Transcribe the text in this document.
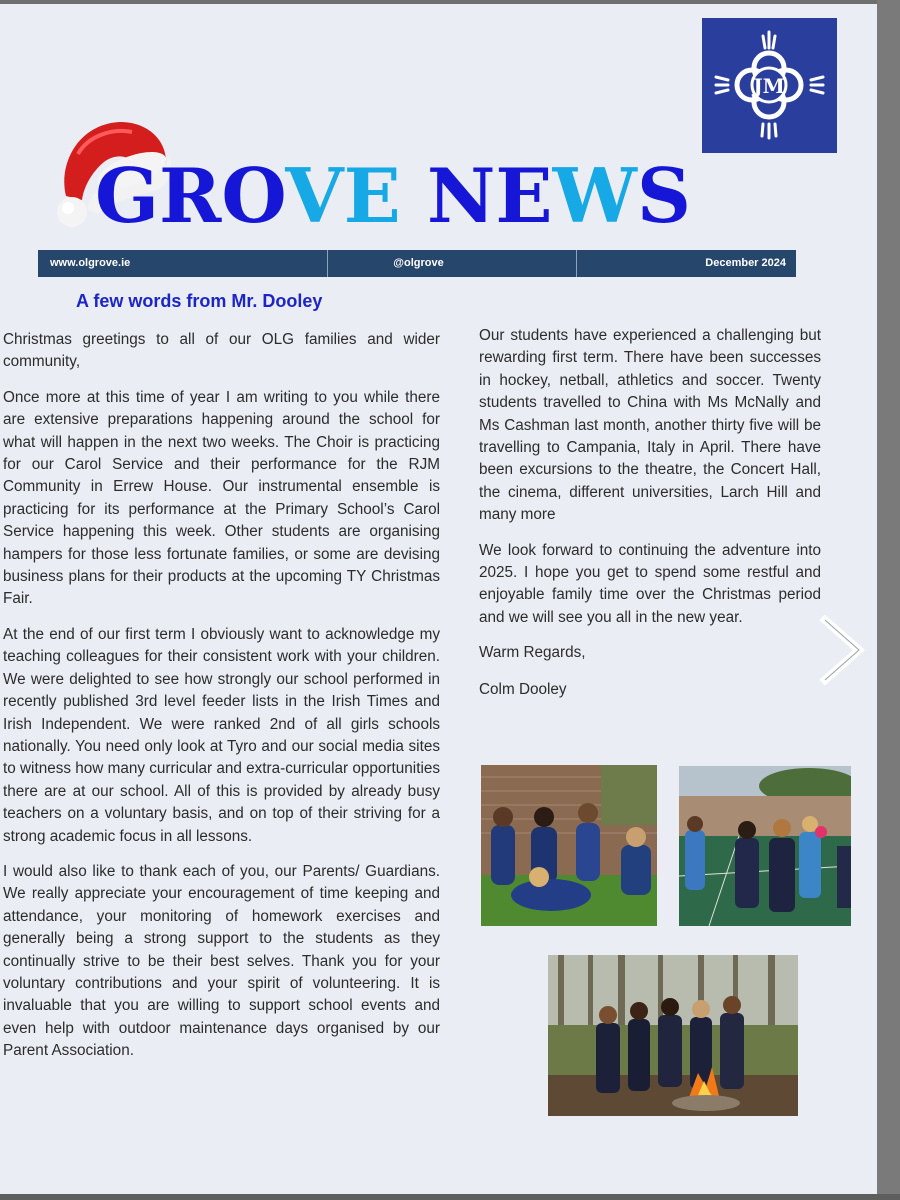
JM
GROVE NEWS
www.olgrove.ie	@olgrove	December 2024
A few words from Mr. Dooley

Christmas greetings to all of our OLG families and wider community,

Once more at this time of year I am writing to you while there are extensive preparations happening around the school for what will happen in the next two weeks. The Choir is practicing for our Carol Service and their performance for the RJM Community in Errew House. Our instrumental ensemble is practicing for its performance at the Primary School’s Carol Service happening this week. Other students are organising hampers for those less fortunate families, or some are devising business plans for their products at the upcoming TY Christmas Fair.

At the end of our first term I obviously want to acknowledge my teaching colleagues for their consistent work with your children. We were delighted to see how strongly our school performed in recently published 3rd level feeder lists in the Irish Times and Irish Independent. We were ranked 2nd of all girls schools nationally. You need only look at Tyro and our social media sites to witness how many curricular and extra-curricular opportunities there are at our school. All of this is provided by already busy teachers on a voluntary basis, and on top of their striving for a strong academic focus in all lessons.

I would also like to thank each of you, our Parents/ Guardians. We really appreciate your encouragement of time keeping and attendance, your monitoring of homework exercises and generally being a strong support to the students as they continually strive to be their best selves. Thank you for your voluntary contributions and your spirit of volunteering. It is invaluable that you are willing to support school events and even help with outdoor maintenance days organised by our Parent Association.

Our students have experienced a challenging but rewarding first term. There have been successes in hockey, netball, athletics and soccer. Twenty students travelled to China with Ms McNally and Ms Cashman last month, another thirty five will be travelling to Campania, Italy in April. There have been excursions to the theatre, the Concert Hall, the cinema, different universities, Larch Hill and many more

We look forward to continuing the adventure into 2025. I hope you get to spend some restful and enjoyable family time over the Christmas period and we will see you all in the new year.

Warm Regards,

Colm Dooley
